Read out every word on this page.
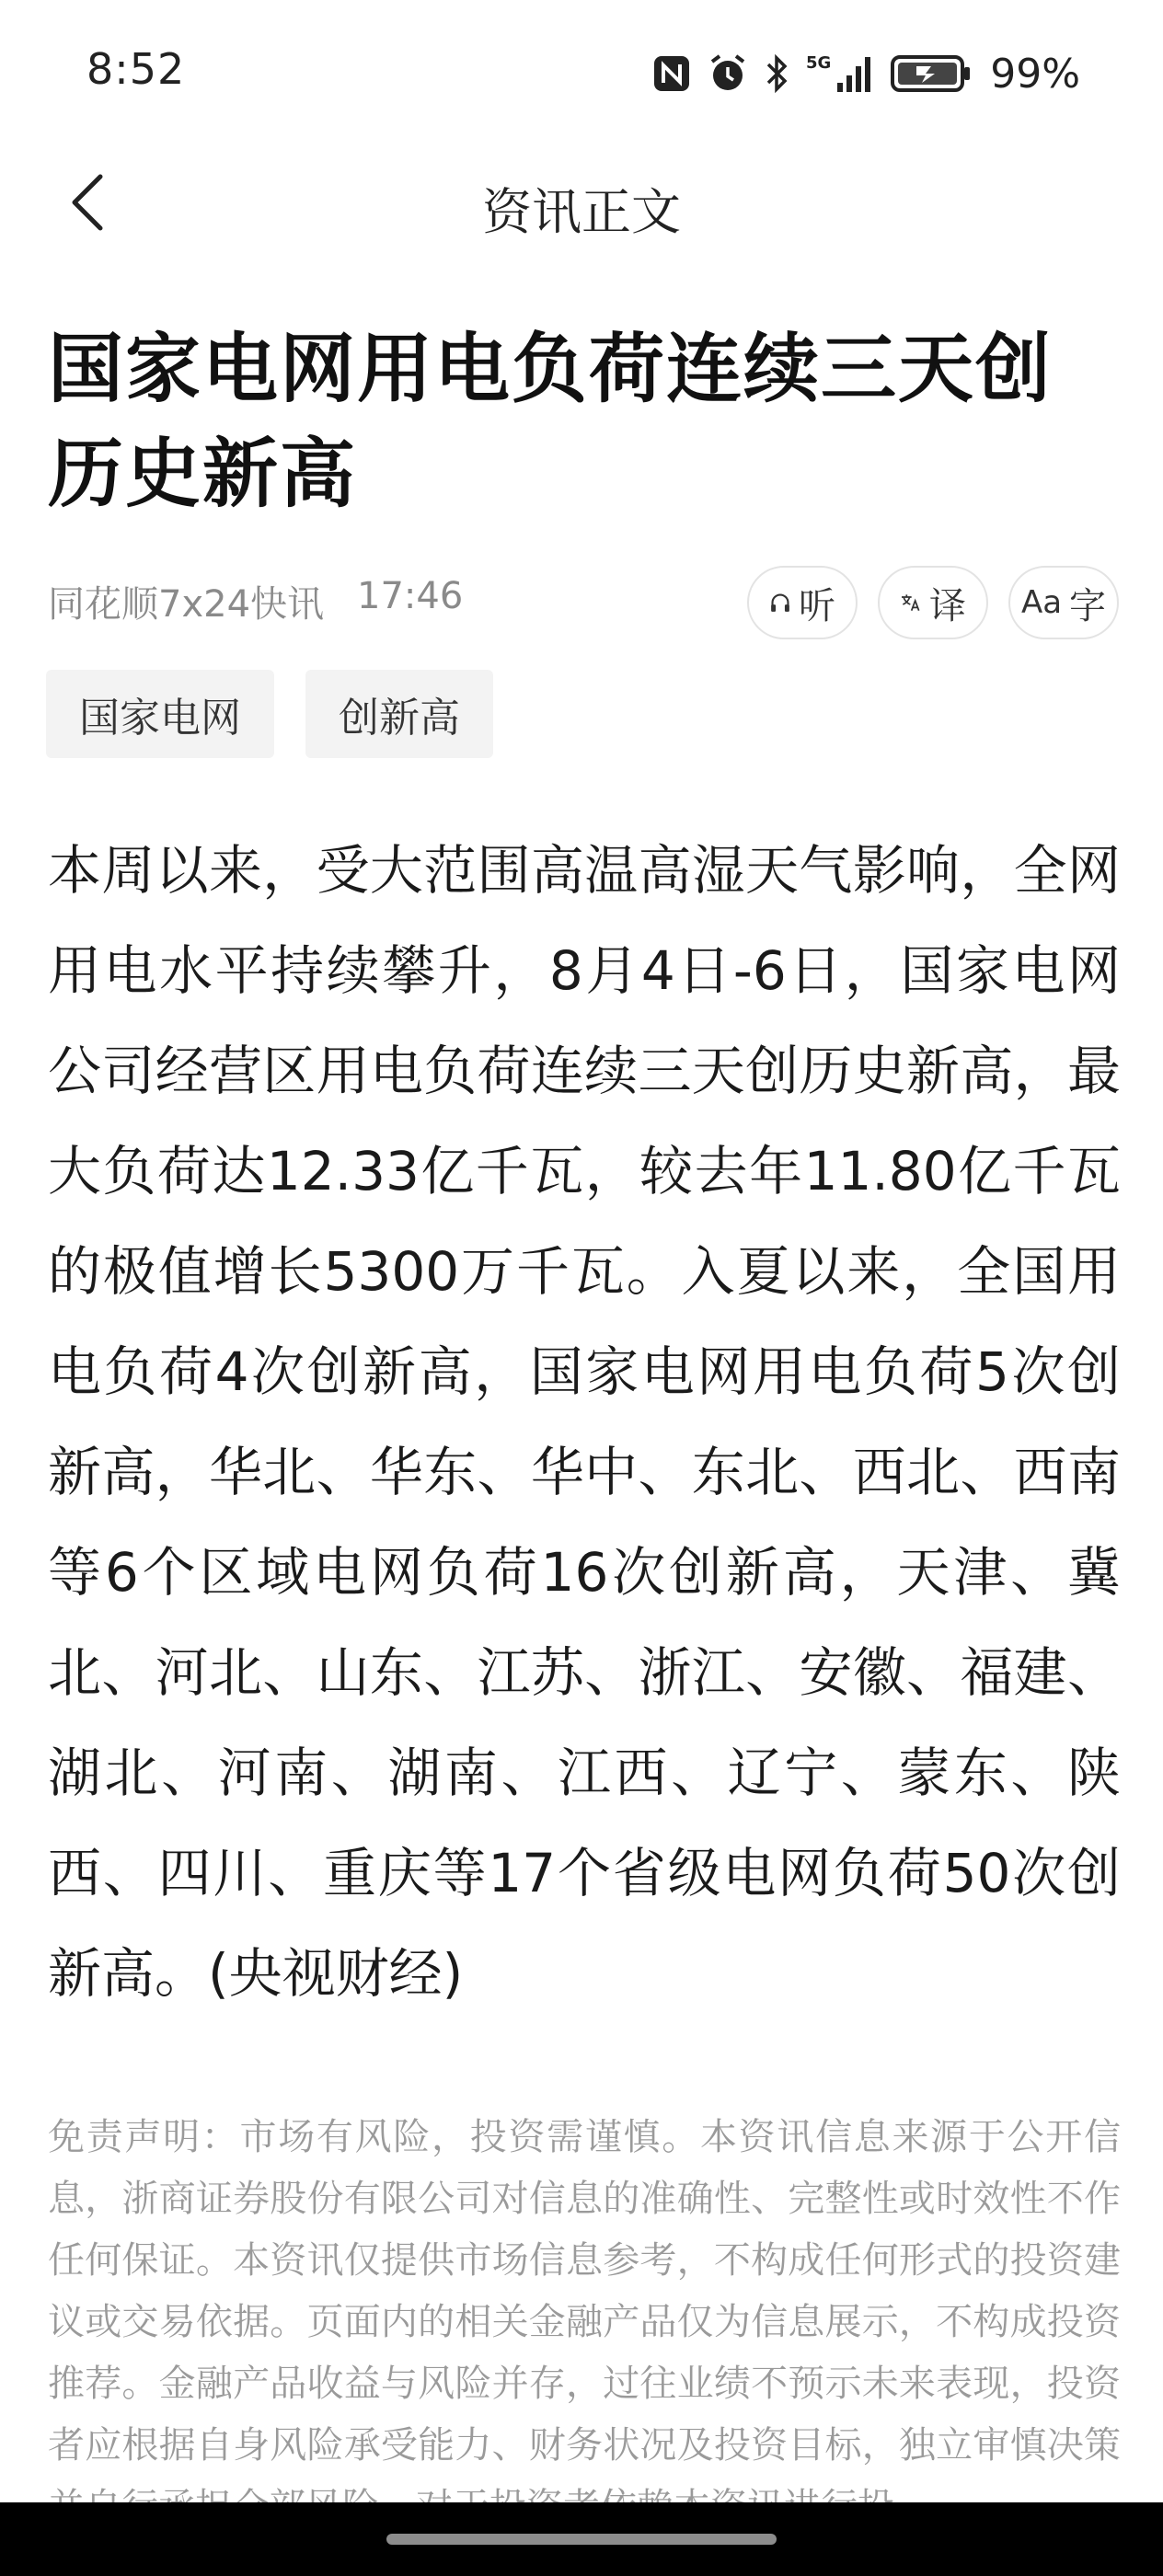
8:52	5G	99%
资讯正文
国家电网用电负荷连续三天创历史新高
同花顺7x24快讯 17:46	听	译 Aa 字
国家电网	创新高

本周以来，受大范围高温高湿天气影响，全网用电水平持续攀升，8月4日-6日，国家电网公司经营区用电负荷连续三天创历史新高，最大负荷达12.33亿千瓦，较去年11.80亿千瓦的极值增长5300万千瓦。入夏以来，全国用电负荷4次创新高，国家电网用电负荷5次创新高，华北、华东、华中、东北、西北、西南等6个区域电网负荷16次创新高，天津、冀北、河北、山东、江苏、浙江、安徽、福建、湖北、河南、湖南、江西、辽宁、蒙东、陕西、四川、重庆等17个省级电网负荷50次创新高。(央视财经)

免责声明：市场有风险，投资需谨慎。本资讯信息来源于公开信息，浙商证券股份有限公司对信息的准确性、完整性或时效性不作任何保证。本资讯仅提供市场信息参考，不构成任何形式的投资建议或交易依据。页面内的相关金融产品仅为信息展示，不构成投资推荐。金融产品收益与风险并存，过往业绩不预示未来表现，投资者应根据自身风险承受能力、财务状况及投资目标，独立审慎决策
